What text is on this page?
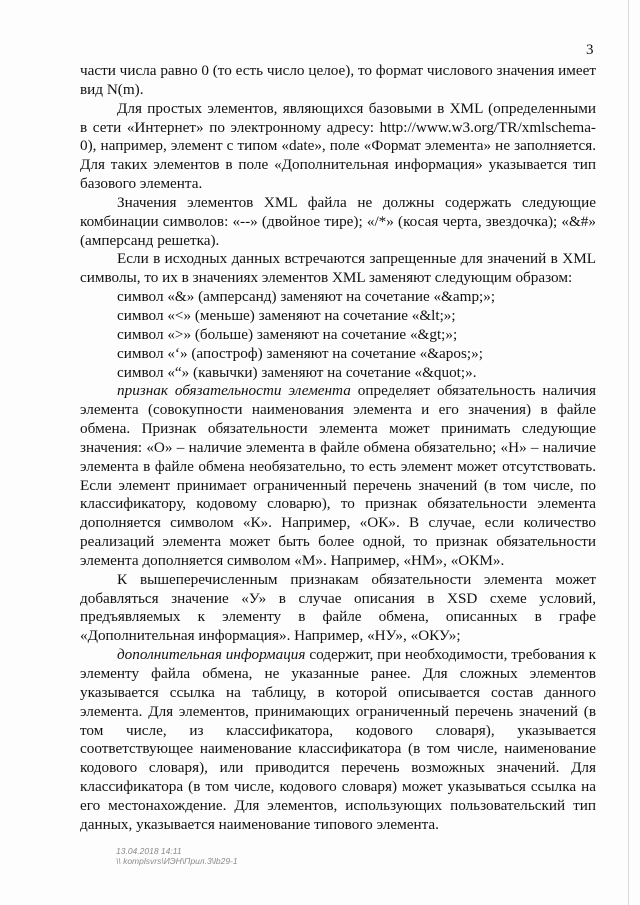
3

части числа равно 0 (то есть число целое), то формат числового значения имеет вид N(m).

Для простых элементов, являющихся базовыми в XML (определенными в сети «Интернет» по электронному адресу: http://www.w3.org/TR/xmlschema-0), например, элемент с типом «date», поле «Формат элемента» не заполняется. Для таких элементов в поле «Дополнительная информация» указывается тип базового элемента.

Значения элементов XML файла не должны содержать следующие комбинации символов: «--» (двойное тире); «/*» (косая черта, звездочка); «&#» (амперсанд решетка).

Если в исходных данных встречаются запрещенные для значений в XML символы, то их в значениях элементов XML заменяют следующим образом:

символ «&» (амперсанд) заменяют на сочетание «&amp;»;

символ «<» (меньше) заменяют на сочетание «&lt;»;

символ «>» (больше) заменяют на сочетание «&gt;»;

символ «‘» (апостроф) заменяют на сочетание «&apos;»;

символ «“» (кавычки) заменяют на сочетание «&quot;».

признак обязательности элемента определяет обязательность наличия элемента (совокупности наименования элемента и его значения) в файле обмена. Признак обязательности элемента может принимать следующие значения: «О» – наличие элемента в файле обмена обязательно; «Н» – наличие элемента в файле обмена необязательно, то есть элемент может отсутствовать. Если элемент принимает ограниченный перечень значений (в том числе, по классификатору, кодовому словарю), то признак обязательности элемента дополняется символом «К». Например, «ОК». В случае, если количество реализаций элемента может быть более одной, то признак обязательности элемента дополняется символом «М». Например, «НМ», «ОКМ».

К вышеперечисленным признакам обязательности элемента может добавляться значение «У» в случае описания в XSD схеме условий, предъявляемых к элементу в файле обмена, описанных в графе «Дополнительная информация». Например, «НУ», «ОКУ»;

дополнительная информация содержит, при необходимости, требования к элементу файла обмена, не указанные ранее. Для сложных элементов указывается ссылка на таблицу, в которой описывается состав данного элемента. Для элементов, принимающих ограниченный перечень значений (в том числе, из классификатора, кодового словаря), указывается соответствующее наименование классификатора (в том числе, наименование кодового словаря), или приводится перечень возможных значений. Для классификатора (в том числе, кодового словаря) может указываться ссылка на его местонахождение. Для элементов, использующих пользовательский тип данных, указывается наименование типового элемента.

13.04.2018 14:11
\\ komplsvrs\ИЭН\Прил.3\lb29-1
